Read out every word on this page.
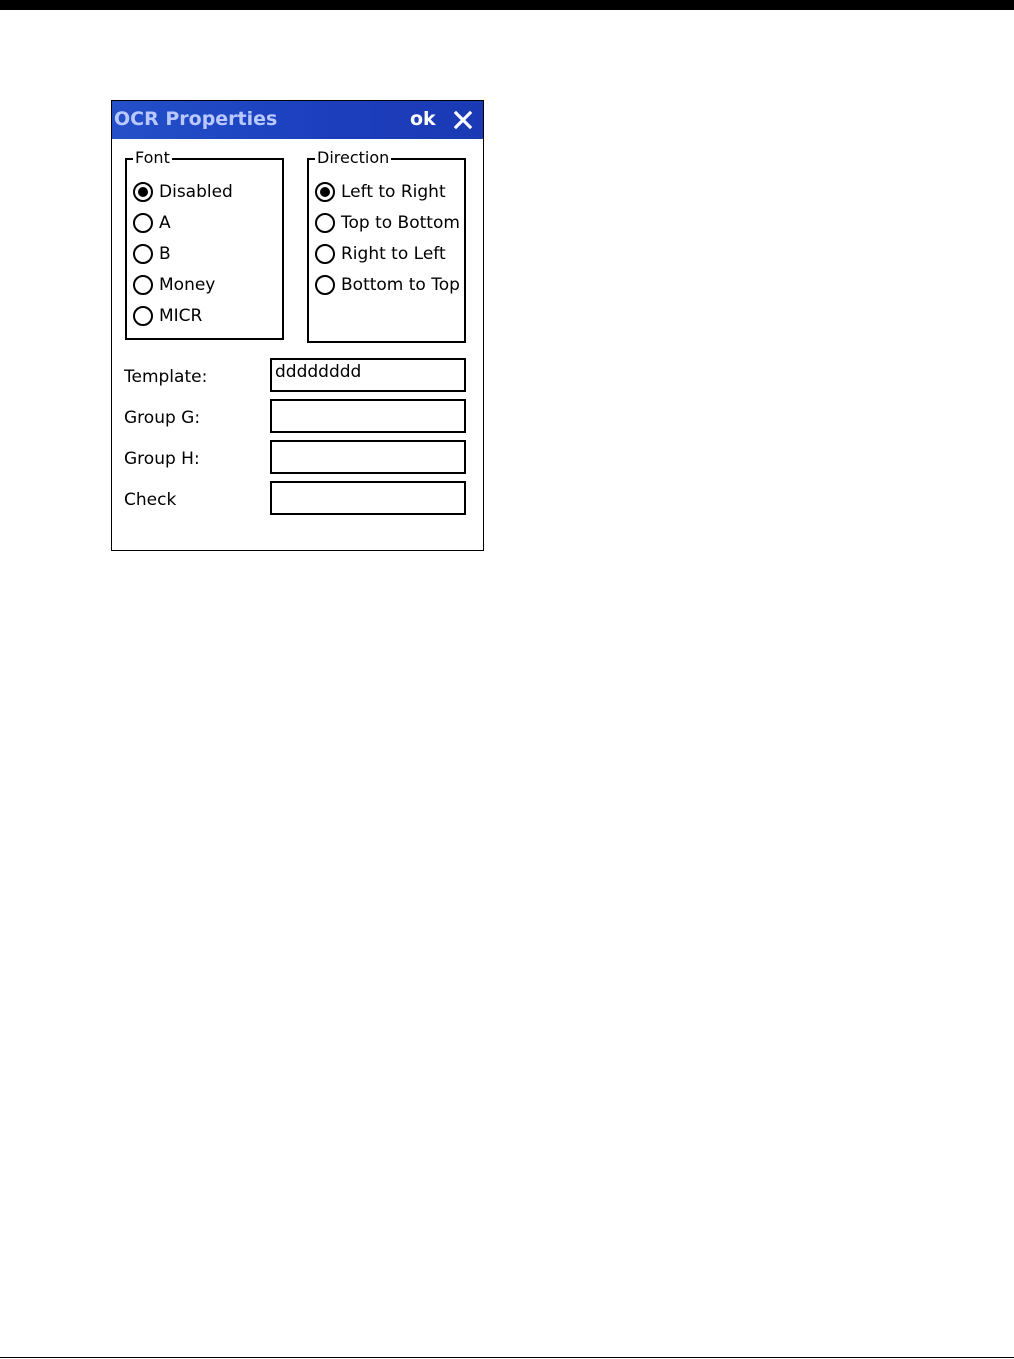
OCR Properties	ok
Font
Disabled
A
B
Money
MICR
Direction
Left to Right
Top to Bottom
Right to Left
Bottom to Top
Template:	dddddddd
Group G:
Group H:
Check
